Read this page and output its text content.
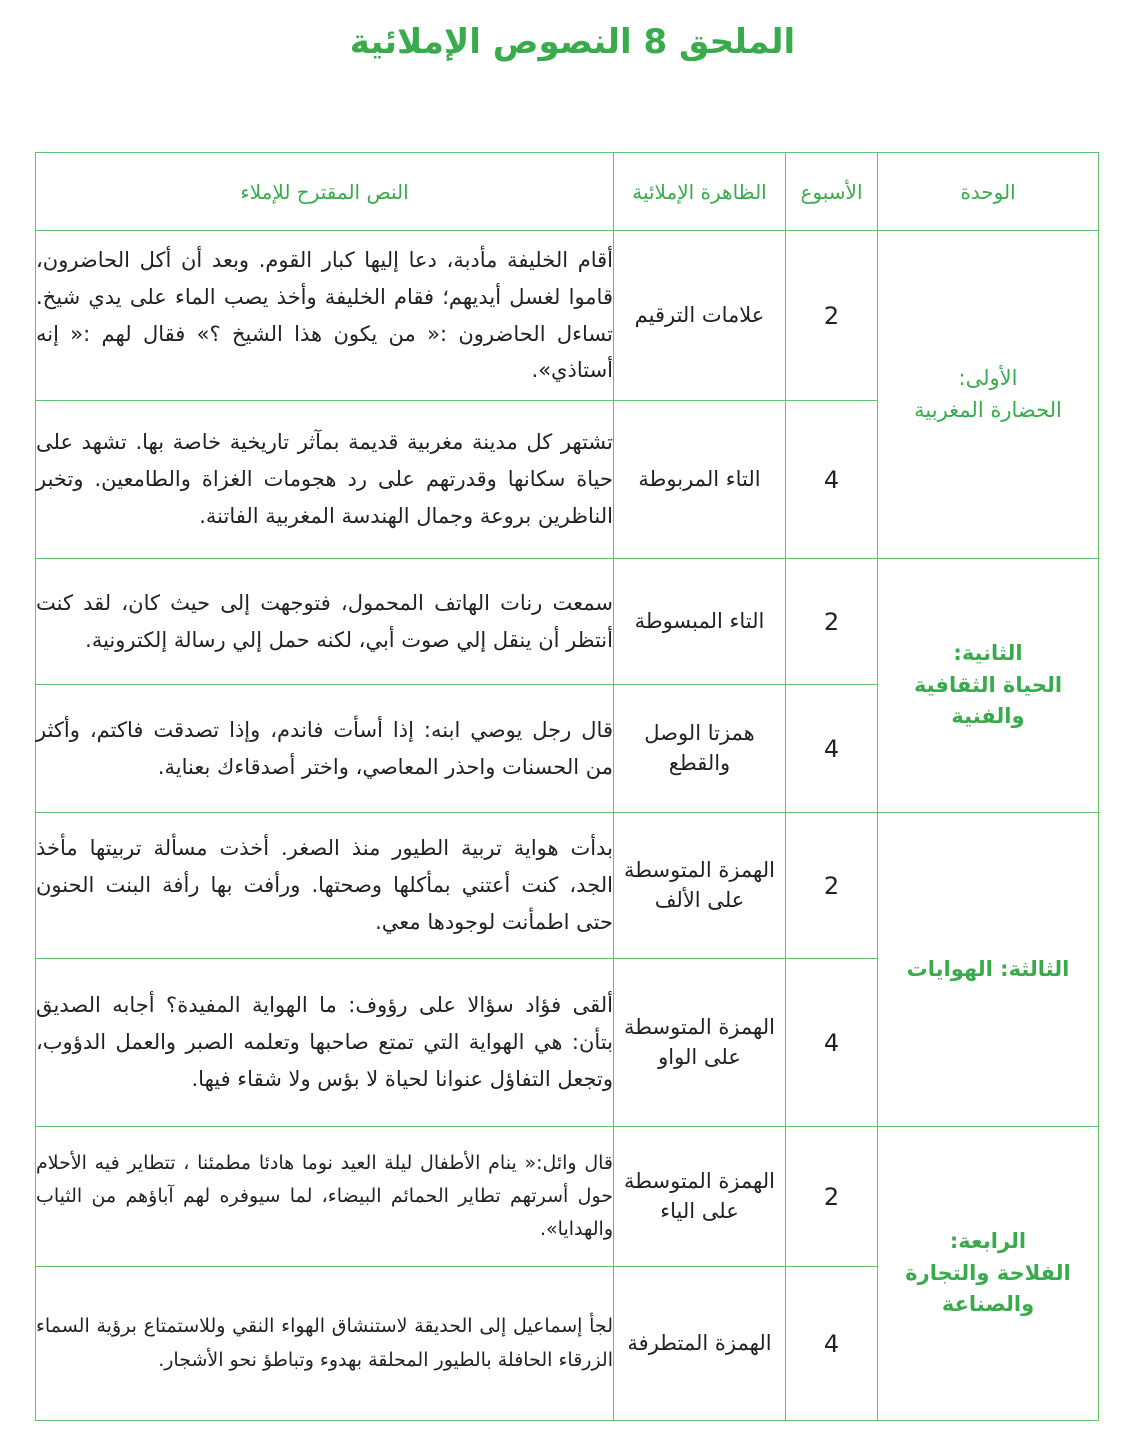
الملحق 8 النصوص الإملائية
الوحدة	الأسبوع	الظاهرة الإملائية	النص المقترح للإملاء

الأولى:
الحضارة المغربية	2	علامات الترقيم	أقام الخليفة مأدبة، دعا إليها كبار القوم. وبعد أن أكل الحاضرون، قاموا لغسل أيديهم؛ فقام الخليفة وأخذ يصب الماء على يدي شيخ. تساءل الحاضرون :« من يكون هذا الشيخ ؟» فقال لهم :« إنه أستاذي».
	4	التاء المربوطة	تشتهر كل مدينة مغربية قديمة بمآثر تاريخية خاصة بها. تشهد على حياة سكانها وقدرتهم على رد هجومات الغزاة والطامعين. وتخبر الناظرين بروعة وجمال الهندسة المغربية الفاتنة.

الثانية:
الحياة الثقافية والفنية	2	التاء المبسوطة	سمعت رنات الهاتف المحمول، فتوجهت إلى حيث كان، لقد كنت أنتظر أن ينقل إلي صوت أبي، لكنه حمل إلي رسالة إلكترونية.
	4	همزتا الوصل والقطع	قال رجل يوصي ابنه: إذا أسأت فاندم، وإذا تصدقت فاكتم، وأكثر من الحسنات واحذر المعاصي، واختر أصدقاءك بعناية.

الثالثة: الهوايات	2	الهمزة المتوسطة على الألف	بدأت هواية تربية الطيور منذ الصغر. أخذت مسألة تربيتها مأخذ الجد، كنت أعتني بمأكلها وصحتها. ورأفت بها رأفة البنت الحنون حتى اطمأنت لوجودها معي.
	4	الهمزة المتوسطة على الواو	ألقى فؤاد سؤالا على رؤوف: ما الهواية المفيدة؟ أجابه الصديق بتأن: هي الهواية التي تمتع صاحبها وتعلمه الصبر والعمل الدؤوب، وتجعل التفاؤل عنوانا لحياة لا بؤس ولا شقاء فيها.

الرابعة:
الفلاحة والتجارة والصناعة	2	الهمزة المتوسطة على الياء	قال وائل:« ينام الأطفال ليلة العيد نوما هادئا مطمئنا ، تتطاير فيه الأحلام حول أسرتهم تطاير الحمائم البيضاء، لما سيوفره لهم آباؤهم من الثياب والهدايا».
	4	الهمزة المتطرفة	لجأ إسماعيل إلى الحديقة لاستنشاق الهواء النقي وللاستمتاع برؤية السماء الزرقاء الحافلة بالطيور المحلقة بهدوء وتباطؤ نحو الأشجار.
